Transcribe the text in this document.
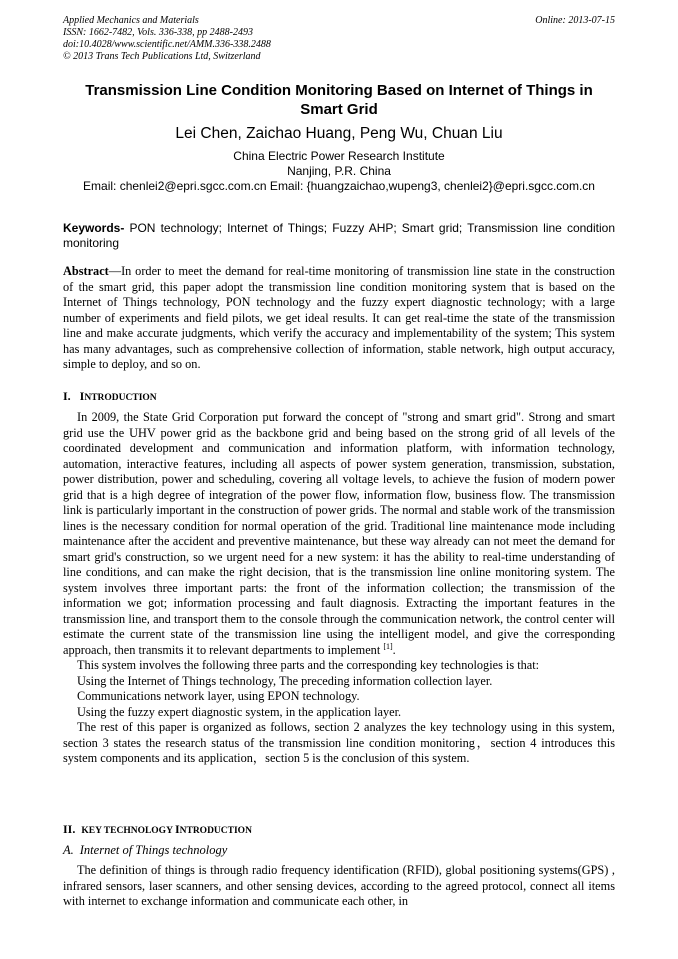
Applied Mechanics and Materials
ISSN: 1662-7482, Vols. 336-338, pp 2488-2493
doi:10.4028/www.scientific.net/AMM.336-338.2488
© 2013 Trans Tech Publications Ltd, Switzerland
Online: 2013-07-15
Transmission Line Condition Monitoring Based on Internet of Things in Smart Grid
Lei Chen, Zaichao Huang, Peng Wu, Chuan Liu
China Electric Power Research Institute
Nanjing, P.R. China
Email: chenlei2@epri.sgcc.com.cn Email: {huangzaichao,wupeng3, chenlei2}@epri.sgcc.com.cn
Keywords- PON technology; Internet of Things; Fuzzy AHP; Smart grid; Transmission line condition monitoring
Abstract—In order to meet the demand for real-time monitoring of transmission line state in the construction of the smart grid, this paper adopt the transmission line condition monitoring system that is based on the Internet of Things technology, PON technology and the fuzzy expert diagnostic technology; with a large number of experiments and field pilots, we get ideal results. It can get real-time the state of the transmission line and make accurate judgments, which verify the accuracy and implementability of the system; This system has many advantages, such as comprehensive collection of information, stable network, high output accuracy, simple to deploy, and so on.
I. INTRODUCTION

In 2009, the State Grid Corporation put forward the concept of "strong and smart grid". Strong and smart grid use the UHV power grid as the backbone grid and being based on the strong grid of all levels of the coordinated development and communication and information platform, with information technology, automation, interactive features, including all aspects of power system generation, transmission, substation, power distribution, power and scheduling, covering all voltage levels, to achieve the fusion of modern power grid that is a high degree of integration of the power flow, information flow, business flow. The transmission link is particularly important in the construction of power grids. The normal and stable work of the transmission lines is the necessary condition for normal operation of the grid. Traditional line maintenance mode including maintenance after the accident and preventive maintenance, but these way already can not meet the demand for smart grid's construction, so we urgent need for a new system: it has the ability to real-time understanding of line conditions, and can make the right decision, that is the transmission line online monitoring system. The system involves three important parts: the front of the information collection; the transmission of the information we got; information processing and fault diagnosis. Extracting the important features in the transmission line, and transport them to the console through the communication network, the control center will estimate the current state of the transmission line using the intelligent model, and give the corresponding approach, then transmits it to relevant departments to implement [1].

This system involves the following three parts and the corresponding key technologies is that:

Using the Internet of Things technology, The preceding information collection layer.

Communications network layer, using EPON technology.

Using the fuzzy expert diagnostic system, in the application layer.

The rest of this paper is organized as follows, section 2 analyzes the key technology using in this system, section 3 states the research status of the transmission line condition monitoring，section 4 introduces this system components and its application，section 5 is the conclusion of this system.

II. KEY TECHNOLOGY INTRODUCTION
A. Internet of Things technology

The definition of things is through radio frequency identification (RFID), global positioning systems(GPS) , infrared sensors, laser scanners, and other sensing devices, according to the agreed protocol, connect all items with internet to exchange information and communicate each other, in
